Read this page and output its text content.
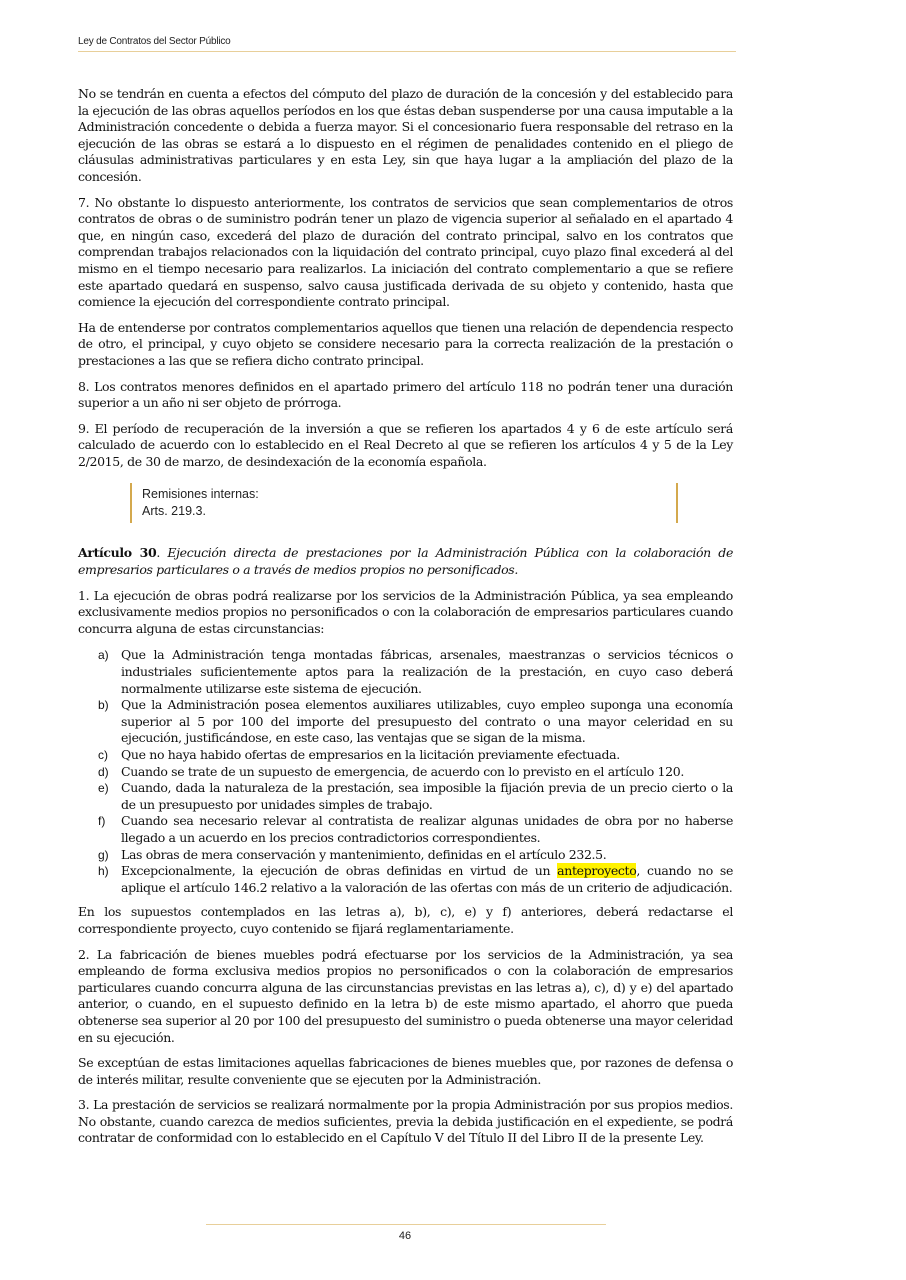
Ley de Contratos del Sector Público

No se tendrán en cuenta a efectos del cómputo del plazo de duración de la concesión y del establecido para la ejecución de las obras aquellos períodos en los que éstas deban suspenderse por una causa imputable a la Administración concedente o debida a fuerza mayor. Si el concesionario fuera responsable del retraso en la ejecución de las obras se estará a lo dispuesto en el régimen de penalidades contenido en el pliego de cláusulas administrativas particulares y en esta Ley, sin que haya lugar a la ampliación del plazo de la concesión.

7. No obstante lo dispuesto anteriormente, los contratos de servicios que sean complementarios de otros contratos de obras o de suministro podrán tener un plazo de vigencia superior al señalado en el apartado 4 que, en ningún caso, excederá del plazo de duración del contrato principal, salvo en los contratos que comprendan trabajos relacionados con la liquidación del contrato principal, cuyo plazo final excederá al del mismo en el tiempo necesario para realizarlos. La iniciación del contrato complementario a que se refiere este apartado quedará en suspenso, salvo causa justificada derivada de su objeto y contenido, hasta que comience la ejecución del correspondiente contrato principal.

Ha de entenderse por contratos complementarios aquellos que tienen una relación de dependencia respecto de otro, el principal, y cuyo objeto se considere necesario para la correcta realización de la prestación o prestaciones a las que se refiera dicho contrato principal.

8. Los contratos menores definidos en el apartado primero del artículo 118 no podrán tener una duración superior a un año ni ser objeto de prórroga.

9. El período de recuperación de la inversión a que se refieren los apartados 4 y 6 de este artículo será calculado de acuerdo con lo establecido en el Real Decreto al que se refieren los artículos 4 y 5 de la Ley 2/2015, de 30 de marzo, de desindexación de la economía española.

Remisiones internas:
Arts. 219.3.

Artículo 30. Ejecución directa de prestaciones por la Administración Pública con la colaboración de empresarios particulares o a través de medios propios no personificados.

1. La ejecución de obras podrá realizarse por los servicios de la Administración Pública, ya sea empleando exclusivamente medios propios no personificados o con la colaboración de empresarios particulares cuando concurra alguna de estas circunstancias:

a) Que la Administración tenga montadas fábricas, arsenales, maestranzas o servicios técnicos o industriales suficientemente aptos para la realización de la prestación, en cuyo caso deberá normalmente utilizarse este sistema de ejecución.
b) Que la Administración posea elementos auxiliares utilizables, cuyo empleo suponga una economía superior al 5 por 100 del importe del presupuesto del contrato o una mayor celeridad en su ejecución, justificándose, en este caso, las ventajas que se sigan de la misma.
c)	Que no haya habido ofertas de empresarios en la licitación previamente efectuada.
d) Cuando se trate de un supuesto de emergencia, de acuerdo con lo previsto en el artículo 120.
e) Cuando, dada la naturaleza de la prestación, sea imposible la fijación previa de un precio cierto o la de un presupuesto por unidades simples de trabajo.
f)	Cuando sea necesario relevar al contratista de realizar algunas unidades de obra por no haberse llegado a un acuerdo en los precios contradictorios correspondientes.
g) Las obras de mera conservación y mantenimiento, definidas en el artículo 232.5.
h) Excepcionalmente, la ejecución de obras definidas en virtud de un anteproyecto, cuando no se aplique el artículo 146.2 relativo a la valoración de las ofertas con más de un criterio de adjudicación.

En los supuestos contemplados en las letras a), b), c), e) y f) anteriores, deberá redactarse el correspondiente proyecto, cuyo contenido se fijará reglamentariamente.

2. La fabricación de bienes muebles podrá efectuarse por los servicios de la Administración, ya sea empleando de forma exclusiva medios propios no personificados o con la colaboración de empresarios particulares cuando concurra alguna de las circunstancias previstas en las letras a), c), d) y e) del apartado anterior, o cuando, en el supuesto definido en la letra b) de este mismo apartado, el ahorro que pueda obtenerse sea superior al 20 por 100 del presupuesto del suministro o pueda obtenerse una mayor celeridad en su ejecución.

Se exceptúan de estas limitaciones aquellas fabricaciones de bienes muebles que, por razones de defensa o de interés militar, resulte conveniente que se ejecuten por la Administración.

3. La prestación de servicios se realizará normalmente por la propia Administración por sus propios medios. No obstante, cuando carezca de medios suficientes, previa la debida justificación en el expediente, se podrá contratar de conformidad con lo establecido en el Capítulo V del Título II del Libro II de la presente Ley.

46
